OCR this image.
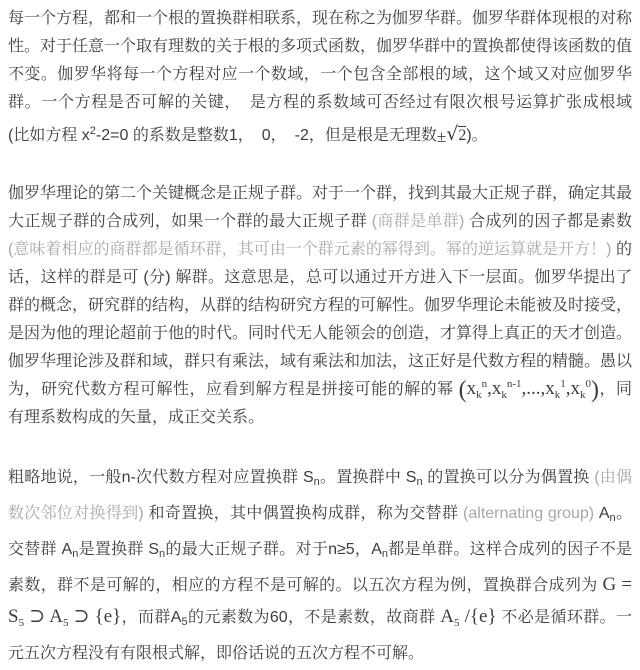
每一个方程，都和一个根的置换群相联系，现在称之为伽罗华群。伽罗华群体现根的对称性。对于任意一个取有理数的关于根的多项式函数，伽罗华群中的置换都使得该函数的值不变。伽罗华将每一个方程对应一个数域，一个包含全部根的域，这个域又对应伽罗华群。一个方程是否可解的关键，　是方程的系数域可否经过有限次根号运算扩张成根域 (比如方程 $x^2-2=0$ 的系数是整数1，　0，　-2，但是根是无理数±√2)。

伽罗华理论的第二个关键概念是正规子群。对于一个群，找到其最大正规子群，确定其最大正规子群的合成列，如果一个群的最大正规子群 (商群是单群) 合成列的因子都是素数 (意味着相应的商群都是循环群，其可由一个群元素的幂得到。幂的逆运算就是开方！) 的话，这样的群是可 (分) 解群。这意思是，总可以通过开方进入下一层面。伽罗华提出了群的概念，研究群的结构，从群的结构研究方程的可解性。伽罗华理论未能被及时接受，是因为他的理论超前于他的时代。同时代无人能领会的创造，才算得上真正的天才创造。伽罗华理论涉及群和域，群只有乘法，域有乘法和加法，这正好是代数方程的精髓。愚以为，研究代数方程可解性，应看到解方程是拼接可能的解的幂 $(x_k^n,x_k^{n-1},...,x_k^1,x_k^0)$，同有理系数构成的矢量，成正交关系。

粗略地说，一般n-次代数方程对应置换群 Sn。置换群中 Sn 的置换可以分为偶置换 (由偶数次邻位对换得到) 和奇置换，其中偶置换构成群，称为交替群 (alternating group) An。交替群 An是置换群 Sn的最大正规子群。对于n≥5，An都是单群。这样合成列的因子不是素数，群不是可解的，相应的方程不是可解的。以五次方程为例，置换群合成列为 $G = S_5$ ⊃ $A_5$ ⊃ {e}，而群A5的元素数为60，不是素数，故商群 $A_5$ /{e} 不必是循环群。一元五次方程没有有限根式解，即俗话说的五次方程不可解。
